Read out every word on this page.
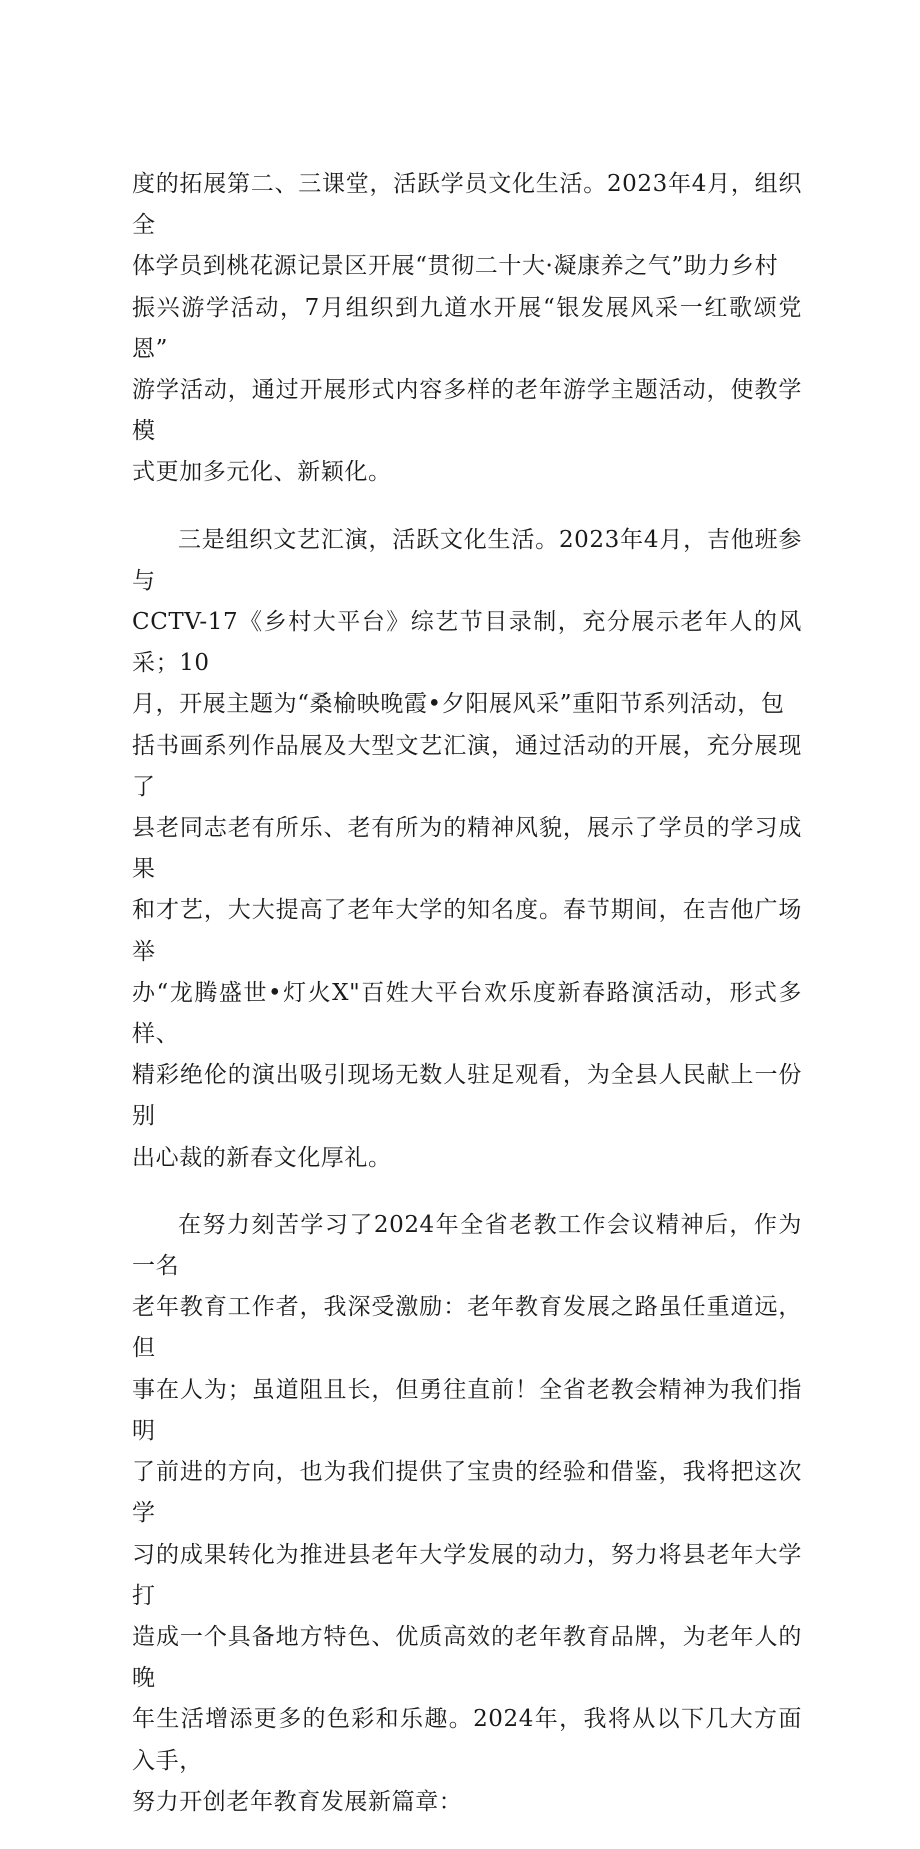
度的拓展第二、三课堂，活跃学员文化生活。2023年4月，组织全
体学员到桃花源记景区开展“贯彻二十大·凝康养之气”助力乡村
振兴游学活动，7月组织到九道水开展“银发展风采一红歌颂党恩”
游学活动，通过开展形式内容多样的老年游学主题活动，使教学模
式更加多元化、新颖化。

三是组织文艺汇演，活跃文化生活。2023年4月，吉他班参与
CCTV-17《乡村大平台》综艺节目录制，充分展示老年人的风采；10
月，开展主题为“桑榆映晚霞•夕阳展风采”重阳节系列活动，包
括书画系列作品展及大型文艺汇演，通过活动的开展，充分展现了
县老同志老有所乐、老有所为的精神风貌，展示了学员的学习成果
和才艺，大大提高了老年大学的知名度。春节期间，在吉他广场举
办“龙腾盛世•灯火X"百姓大平台欢乐度新春路演活动，形式多样、
精彩绝伦的演出吸引现场无数人驻足观看，为全县人民献上一份别
出心裁的新春文化厚礼。

在努力刻苦学习了2024年全省老教工作会议精神后，作为一名
老年教育工作者，我深受激励：老年教育发展之路虽任重道远，但
事在人为；虽道阻且长，但勇往直前！全省老教会精神为我们指明
了前进的方向，也为我们提供了宝贵的经验和借鉴，我将把这次学
习的成果转化为推进县老年大学发展的动力，努力将县老年大学打
造成一个具备地方特色、优质高效的老年教育品牌，为老年人的晚
年生活增添更多的色彩和乐趣。2024年，我将从以下几大方面入手，
努力开创老年教育发展新篇章：
